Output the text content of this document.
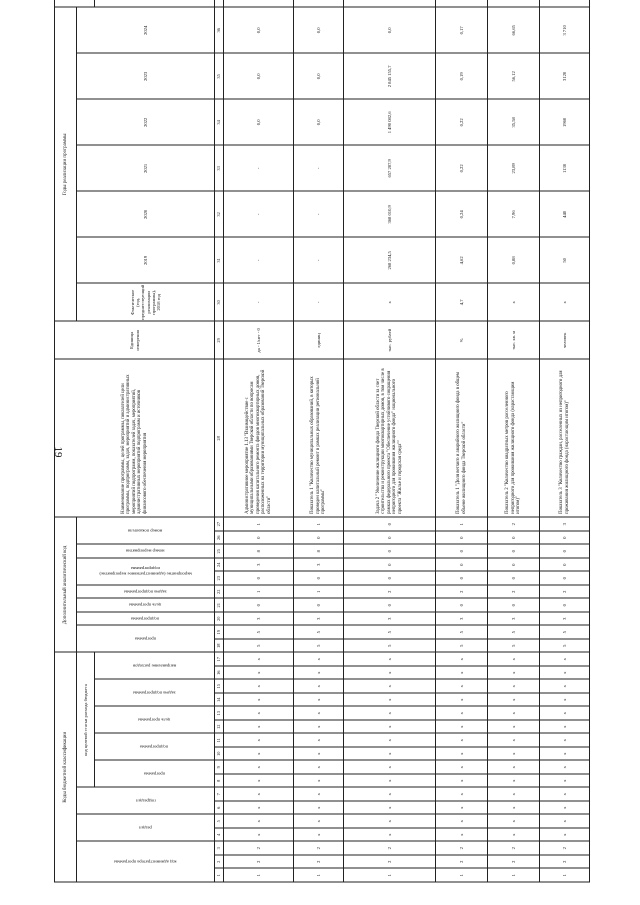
19
Коды бюджетной классификации																	Дополнительный аналитический код										Наименование программы, целей программы, показателей цели программы, подпрограмм, задач, мероприятий и административных мероприятий подпрограмм, показателей задач, мероприятий, административных мероприятий подпрограмм и источников финансового обеспечения мероприятия	Единица измерения	Годы реализации программы	

код администратора программы			раздел		подраздел		код целевой статьи расхода бюджета										программа		подпрограмма	цель программы	задача подпрограммы	мероприятие (административное мероприятие) подпрограммы		номер мероприятия	номер показателя				Фактическое (год, предшествующий реализации программы), 2018 год	2019	2020	2021	2022	2023	2024	

							программа		подпрограмма		цель программы		задача подпрограммы		направление расходов

1	2	3	4	5	6	7	8	9	10	11	12	13	14	15	16	17	18	19	20	21	22	23	24	25	26	27	28	29	30	31	32	33	34	35	36	
1	2	2	x	x	x	x	x	x	x	x	x	x	x	x	x	x	5	5	3	0	1	0	3	8	0	1	Административное мероприятие 1.13 "Взаимодействие с муниципальными образованиями Тверской области по вопросам проведения капитального ремонта фондов многоквартирных домов, расположенных на территории муниципальных образований Тверской области"	да - 1/нет - 0	-	-	-	-	0,0	0,0	0,0	
1	2	2	x	x	x	x	x	x	x	x	x	x	x	x	x	x	5	5	3	0	1	0	3	8	0	1	Показатель 1 "Количество муниципальных образований, в которых проведен капитальный ремонт в рамках реализации региональной программы"	единиц	-	-	-	-	0,0	0,0	0,0	
1	2	2	x	x	x	x	x	x	x	x	x	x	x	x	x	x	5	5	3	0	2	0	0	0	0	0	Задача 2 "Увеличение жилищного фонда Тверской области за счет строительства и реконструкции многоквартирных домов, в том числе в рамках федерального проекта "Обеспечение устойчивого сокращения непригодного для проживания жилищного фонда" национального проекта "Жилье и городская среда""	тыс. рублей	x	268 234,5	368 010,9	657 287,9	1 490 082,6	2 845 155,7	0,0	
1	2	2	x	x	x	x	x	x	x	x	x	x	x	x	x	x	5	5	3	0	2	0	0	0	0	1	Показатель 1 "Доля ветхого и аварийного жилищного фонда в общем объеме жилищного фонда Тверской области"	%	4,7	4,62	0,24	0,22	0,22	0,19	0,17	
1	2	2	x	x	x	x	x	x	x	x	x	x	x	x	x	x	5	5	3	0	2	0	0	0	0	2	Показатель 2 "Количество квадратных метров расселенного непригодного для проживания жилищного фонда (нарастающим итогом)"	тыс. кв. м	x	0,88	7,96	23,89	35,58	56,12	66,65	
1	2	2	x	x	x	x	x	x	x	x	x	x	x	x	x	x	5	5	3	0	2	0	0	0	0	3	Показатель 3 "Количество граждан, расселенных из непригодного для проживания жилищного фонда (нарастающим итогом)"	человек	x	50	440	1130	1960	3120	3 710	
